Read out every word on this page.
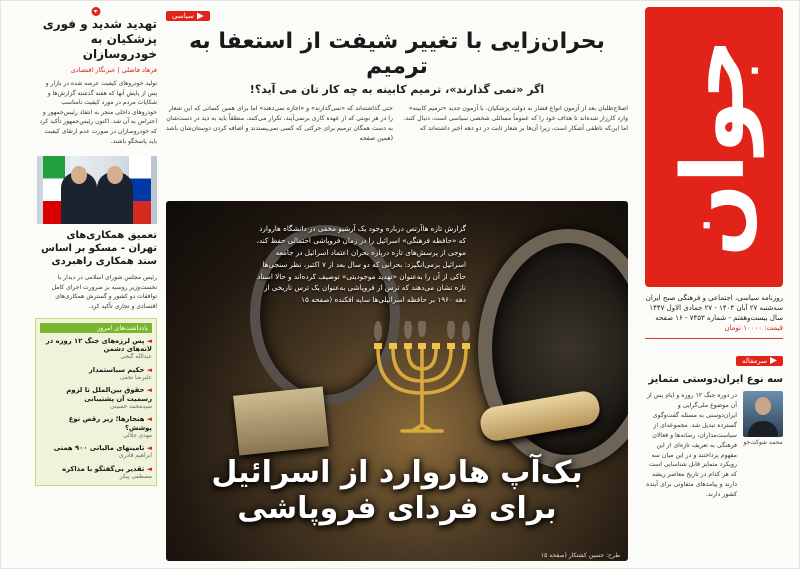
جوان
روزنامه سیاسی، اجتماعی و فرهنگی صبح ایران
سه‌شنبه ۲۷ آبان ۱۴۰۴ - ۲۷ جمادی الاول ۱۴۴۷
سال بیست‌وهفتم - شماره ۷۴۵۳ - ۱۶ صفحه
قیمت: ۱۰۰۰۰ تومان
سرمقاله
سه نوع ایران‌دوستی متمایز
محمد شوکت‌جو

در دوره جنگ ۱۲ روزه و ایام پس از آن موضوع ملی‌گرایی و ایران‌دوستی به مسئله گفت‌وگوی گسترده تبدیل شد. مجموعه‌ای از سیاست‌مداران، رسانه‌ها و فعالان فرهنگی به تعریف تازه‌ای از این مفهوم پرداختند و در این میان سه رویکرد متمایز قابل شناسایی است که هر کدام در تاریخ معاصر ریشه دارند و پیامدهای متفاوتی برای آینده کشور دارند.

سیاسی
بحران‌زایی با تغییر شیفت از استعفا به ترمیم
اگر «نمی گذارند»، ترمیم کابینه به چه کار تان می آید؟!

اصلاح‌طلبان بعد از آزمون انواع فشار به دولت پزشکیان، با آزمون جدید «ترمیم کابینه» وارد کارزار شده‌اند تا هداف خود را که عموماً مسائلی شخصی سیاسی است، دنبال کنند. اما این‌که ناطقی آشکار است، زیرا آن‌ها بر شعار ثابت در دو دهه اخیر داشته‌اند که

حتی گذاشته‌اند که «نمی‌گذارند» و «اجازه نمی‌دهند» اما برای همین کسانی که این شعار را در هر نوبتی که از عهده کاری برنمی‌آیند، تکرار می‌کنند، منطقاً باید به دید در دست‌شان به دست همگان ترمیم برای حرکتی که کسی نمی‌پسندند و اضافه کردن دوستان‌شان باشد (همین صفحه

گزارش تازه هاآرتص درباره وجود یک آرشیو مخفی در دانشگاه هاروارد که «حافظه فرهنگی» اسرائیل را در زمان فروپاشی احتمالی حفظ کند، موجی از پرسش‌های تازه درباره بحران اعتماد اسرائیل در جامعه اسرائیل برمی‌انگیزد: بحرانی که دو سال بعد از ۷ اکتبر، نظر سنجی‌ها حاکی از آن را به‌عنوان «تهدید موجودیتی» توصیف کرده‌اند و حالا اسناد تازه نشان می‌دهند که ترس از فروپاشی به‌عنوان یک ترس تاریخی از دهه ۱۹۶۰ بر حافظه اسرائیلی‌ها سایه افکنده (صفحه ۱۵

بک‌آپ هاروارد از اسرائیل
برای فردای فروپاشی
طرح: حسین کشتکار (صفحه ۱۵
تهدید شدید و فوری پزشکیان به خودروسازان
فرهاد فاضلی | خبرنگار اقتصادی

تولید خودروهای کیفیت عرضه شده در بازار و پس از پایش آنها که هفته گذشته گزارش‌ها و شکایات مردم در مورد کیفیت نامناسب خودروهای داخلی منجر به انتقاد رئیس‌جمهور و اعتراض به آن شد. اکنون رئیس‌جمهور تأکید کرد که خودروسازان در صورت عدم ارتقای کیفیت باید پاسخگو باشند.

تعمیق همکاری‌های تهران - مسکو بر اساس سند همکاری راهبردی

رئیس مجلس شورای اسلامی در دیدار با نخست‌وزیر روسیه بر ضرورت اجرای کامل توافقات دو کشور و گسترش همکاری‌های اقتصادی و تجاری تأکید کرد.

یادداشت‌های امروز
◄ پس لرزه‌های جنگ ۱۲ روزه در لانه‌های دشمن
عبدالله گنجی
◄ حکیم سیاستمدار
علیرضا نجفی
◄ حقوق بین‌الملل تا لزوم رسمیت آن پشتیبانی
سیدمحمد حسینی
◄ هنجارها؛ زیر رقص نوع پوشش؟
مهدی جلالی
◄ تامینهای مالیاتی ۹۰۰ همتی
ابراهیم قادری
◄ تقدیر بی‌گفتگو با مذاکره
مصطفی پیکر
